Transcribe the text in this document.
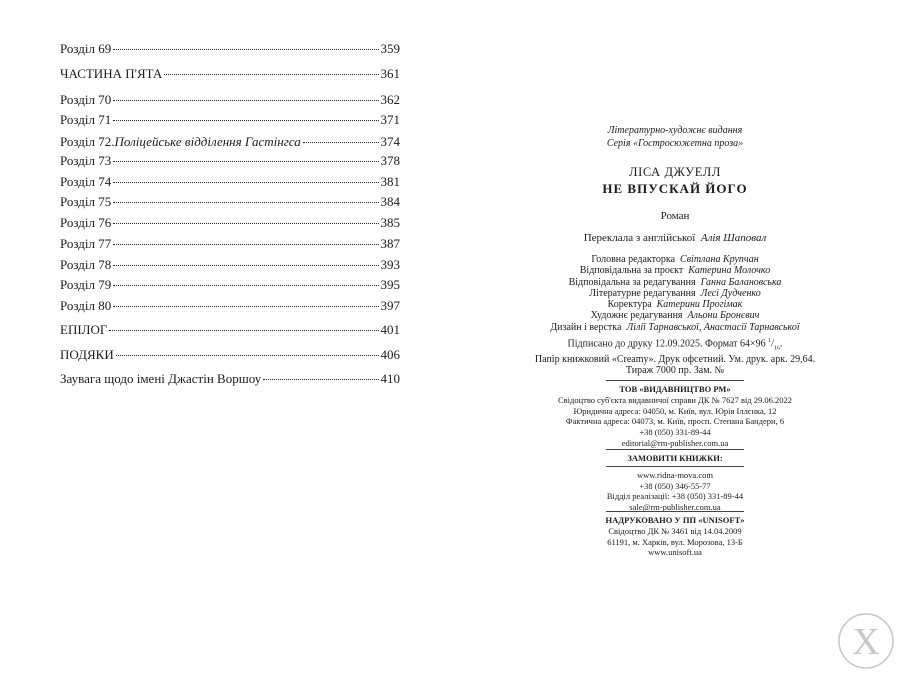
Розділ 69	359
ЧАСТИНА П'ЯТА	361
Розділ 70	362
Розділ 71	371
Розділ 72. Поліцейське відділення Гастінгса	374
Розділ 73	378
Розділ 74	381
Розділ 75	384
Розділ 76	385
Розділ 77	387
Розділ 78	393
Розділ 79	395
Розділ 80	397
ЕПІЛОГ	401
ПОДЯКИ	406
Заувага щодо імені Джастін Воршоу	410
Літературно-художнє видання
Серія «Гостросюжетна проза»
ЛІСА ДЖУЕЛЛ
НЕ ВПУСКАЙ ЙОГО
Роман
Переклала з англійської Алія Шаповал
Головна редакторка Світлана Крупчан
Відповідальна за проєкт Катерина Молочко
Відповідальна за редагування Ганна Балановська
Літературне редагування Лесі Дудченко
Коректура Катерини Прогімак
Художнє редагування Альони Бронєвич
Дизайн і верстка Лілії Тарнавської, Анастасії Тарнавської
Підписано до друку 12.09.2025. Формат 64×96 $^1/_{16}$.
Папір книжковий «Creamy». Друк офсетний. Ум. друк. арк. 29,64.
Тираж 7000 пр. Зам. №
ТОВ «ВИДАВНИЦТВО РМ»
Свідоцтво суб'єкта видавничої справи ДК № 7627 від 29.06.2022
Юридична адреса: 04050, м. Київ, вул. Юрія Іллєнка, 12
Фактична адреса: 04073, м. Київ, просп. Степана Бандери, 6
+38 (050) 331-89-44
editorial@rm-publisher.com.ua
ЗАМОВИТИ КНИЖКИ:
www.ridna-mova.com
+38 (050) 346-55-77
Відділ реалізації: +38 (050) 331-89-44
sale@rm-publisher.com.ua
НАДРУКОВАНО У ПП «UNISOFT»
Свідоцтво ДК № 3461 від 14.04.2009
61191, м. Харків, вул. Морозова, 13-Б
www.unisoft.ua
X
